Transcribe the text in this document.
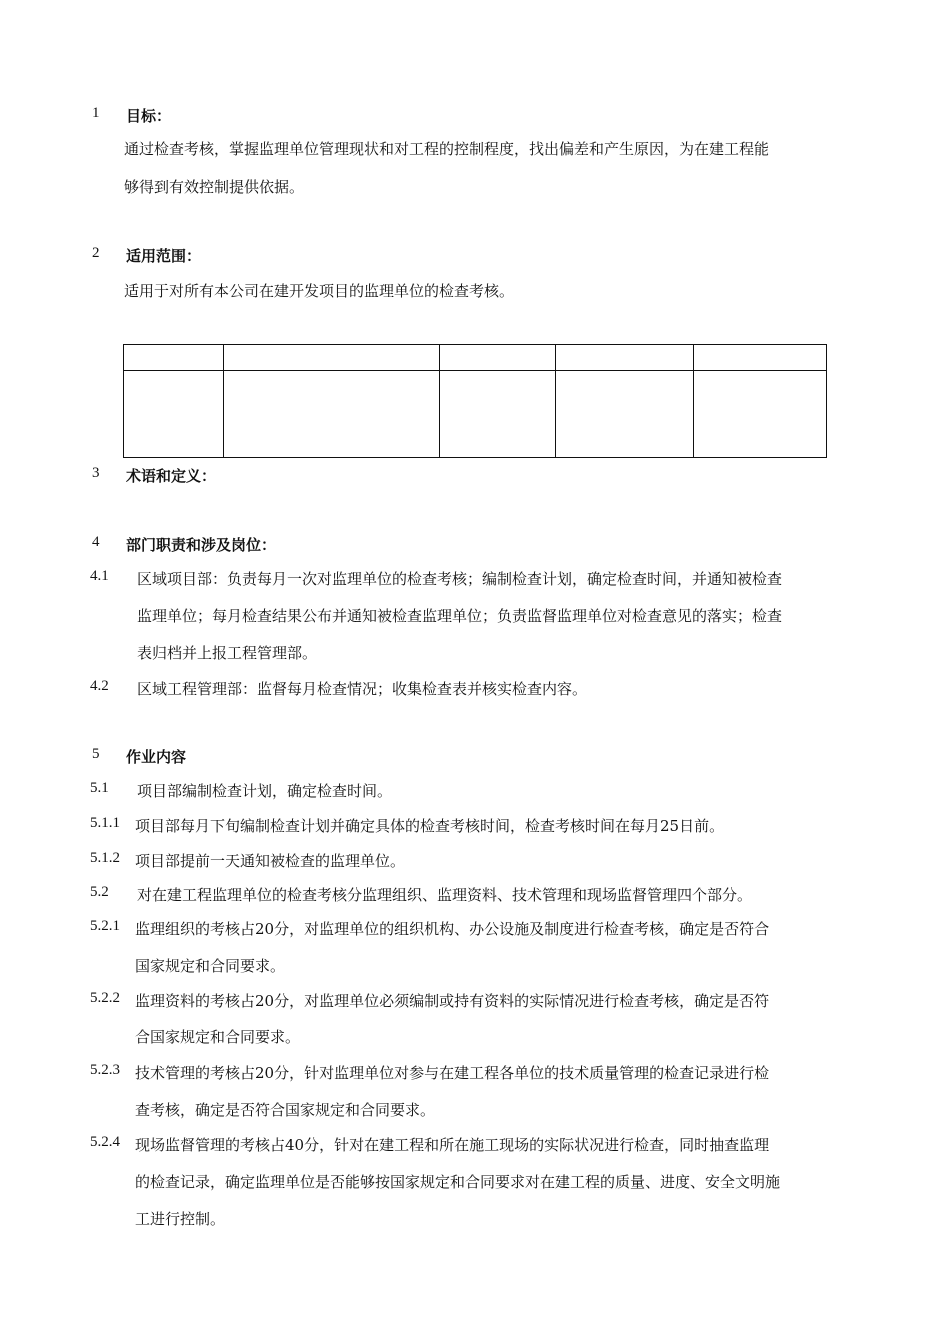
1 目标：
通过检查考核，掌握监理单位管理现状和对工程的控制程度，找出偏差和产生原因，为在建工程能
够得到有效控制提供依据。
2 适用范围：
适用于对所有本公司在建开发项目的监理单位的检查考核。

3 术语和定义：
4 部门职责和涉及岗位：
4.1 区域项目部：负责每月一次对监理单位的检查考核；编制检查计划，确定检查时间，并通知被检查
监理单位；每月检查结果公布并通知被检查监理单位；负责监督监理单位对检查意见的落实；检查
表归档并上报工程管理部。
4.2 区域工程管理部：监督每月检查情况；收集检查表并核实检查内容。
5 作业内容
5.1 项目部编制检查计划，确定检查时间。
5.1.1 项目部每月下旬编制检查计划并确定具体的检查考核时间，检查考核时间在每月25日前。
5.1.2 项目部提前一天通知被检查的监理单位。
5.2 对在建工程监理单位的检查考核分监理组织、监理资料、技术管理和现场监督管理四个部分。
5.2.1 监理组织的考核占20分，对监理单位的组织机构、办公设施及制度进行检查考核，确定是否符合
国家规定和合同要求。
5.2.2 监理资料的考核占20分，对监理单位必须编制或持有资料的实际情况进行检查考核，确定是否符
合国家规定和合同要求。
5.2.3 技术管理的考核占20分，针对监理单位对参与在建工程各单位的技术质量管理的检查记录进行检
查考核，确定是否符合国家规定和合同要求。
5.2.4 现场监督管理的考核占40分，针对在建工程和所在施工现场的实际状况进行检查，同时抽查监理
的检查记录，确定监理单位是否能够按国家规定和合同要求对在建工程的质量、进度、安全文明施
工进行控制。
